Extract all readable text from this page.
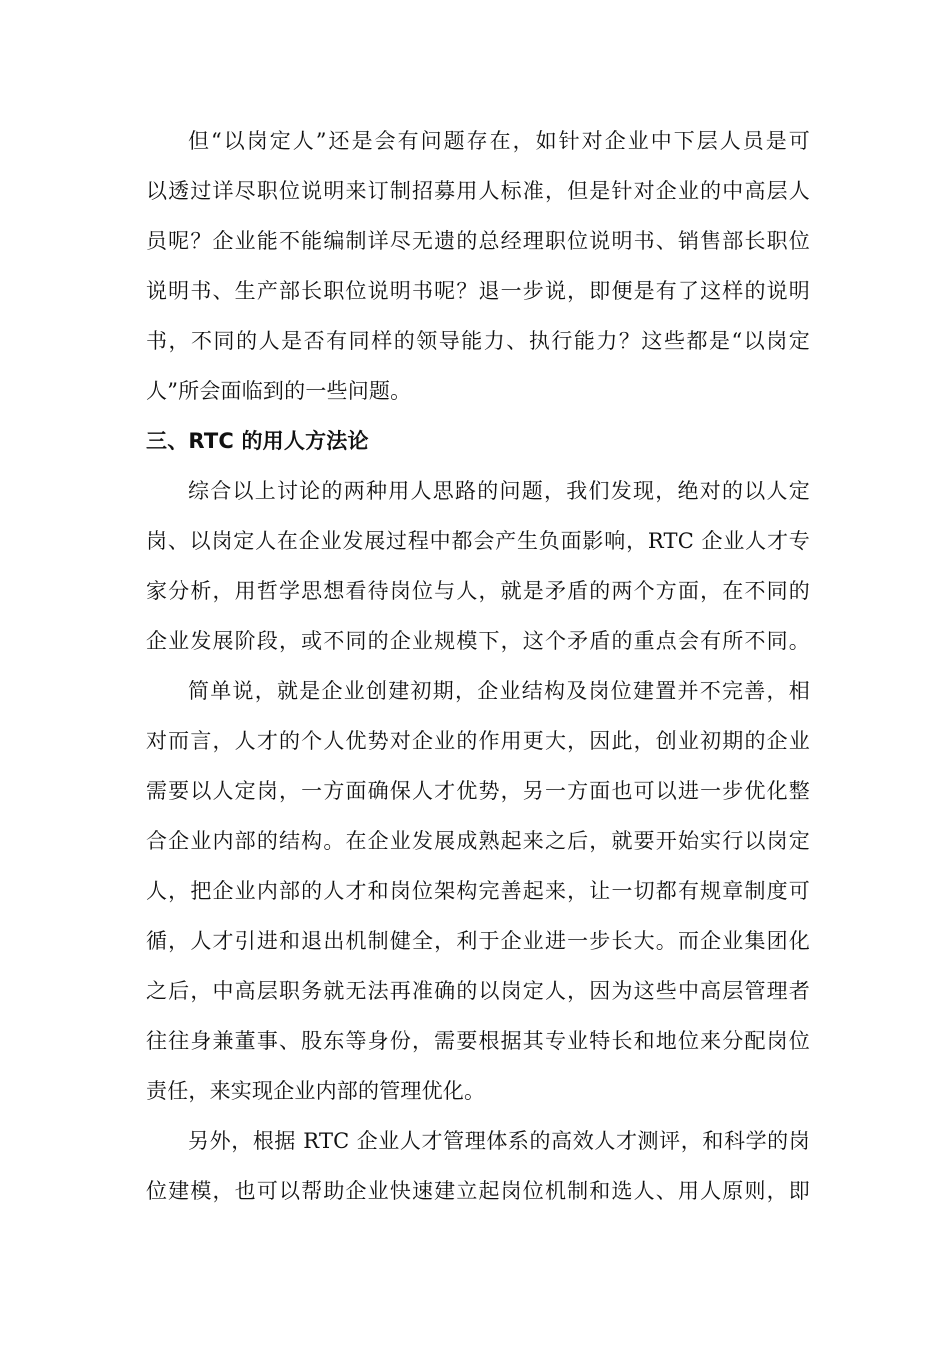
但“以岗定人”还是会有问题存在，如针对企业中下层人员是可
以透过详尽职位说明来订制招募用人标准，但是针对企业的中高层人
员呢？企业能不能编制详尽无遗的总经理职位说明书、销售部长职位
说明书、生产部长职位说明书呢？退一步说，即便是有了这样的说明
书，不同的人是否有同样的领导能力、执行能力？这些都是“以岗定
人”所会面临到的一些问题。
三、RTC 的用人方法论
综合以上讨论的两种用人思路的问题，我们发现，绝对的以人定
岗、以岗定人在企业发展过程中都会产生负面影响，RTC 企业人才专
家分析，用哲学思想看待岗位与人，就是矛盾的两个方面，在不同的
企业发展阶段，或不同的企业规模下，这个矛盾的重点会有所不同。
简单说，就是企业创建初期，企业结构及岗位建置并不完善，相
对而言，人才的个人优势对企业的作用更大，因此，创业初期的企业
需要以人定岗，一方面确保人才优势，另一方面也可以进一步优化整
合企业内部的结构。在企业发展成熟起来之后，就要开始实行以岗定
人，把企业内部的人才和岗位架构完善起来，让一切都有规章制度可
循，人才引进和退出机制健全，利于企业进一步长大。而企业集团化
之后，中高层职务就无法再准确的以岗定人，因为这些中高层管理者
往往身兼董事、股东等身份，需要根据其专业特长和地位来分配岗位
责任，来实现企业内部的管理优化。
另外，根据 RTC 企业人才管理体系的高效人才测评，和科学的岗
位建模，也可以帮助企业快速建立起岗位机制和选人、用人原则，即
